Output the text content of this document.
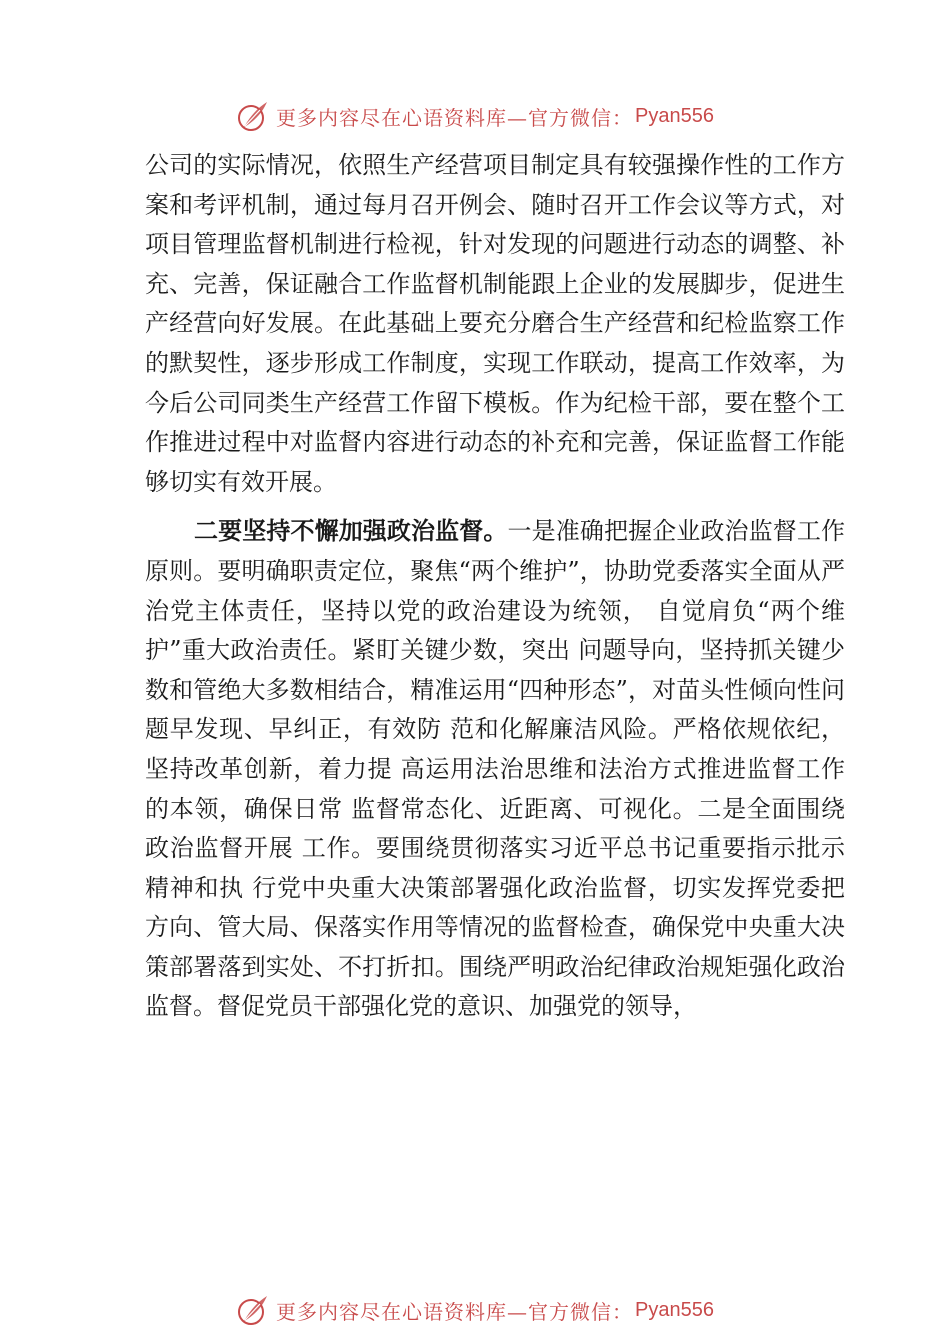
更多内容尽在心语资料库—官方微信： Pyan556

公司的实际情况，依照生产经营项目制定具有较强操作性的工作方案和考评机制，通过每月召开例会、随时召开工作会议等方式，对项目管理监督机制进行检视，针对发现的问题进行动态的调整、补充、完善，保证融合工作监督机制能跟上企业的发展脚步，促进生产经营向好发展。在此基础上要充分磨合生产经营和纪检监察工作的默契性，逐步形成工作制度，实现工作联动，提高工作效率，为今后公司同类生产经营工作留下模板。作为纪检干部，要在整个工作推进过程中对监督内容进行动态的补充和完善，保证监督工作能够切实有效开展。

二要坚持不懈加强政治监督。一是准确把握企业政治监督工作原则。要明确职责定位，聚焦“两个维护”，协助党委落实全面从严治党主体责任，坚持以党的政治建设为统领， 自觉肩负“两个维护”重大政治责任。紧盯关键少数，突出 问题导向，坚持抓关键少数和管绝大多数相结合，精准运用“四种形态”，对苗头性倾向性问题早发现、早纠正，有效防 范和化解廉洁风险。严格依规依纪，坚持改革创新，着力提 高运用法治思维和法治方式推进监督工作的本领，确保日常 监督常态化、近距离、可视化。二是全面围绕政治监督开展 工作。要围绕贯彻落实习近平总书记重要指示批示精神和执 行党中央重大决策部署强化政治监督，切实发挥党委把方向、管大局、保落实作用等情况的监督检查，确保党中央重大决 策部署落到实处、不打折扣。围绕严明政治纪律政治规矩强化政治监督。督促党员干部强化党的意识、加强党的领导，

更多内容尽在心语资料库—官方微信： Pyan556
